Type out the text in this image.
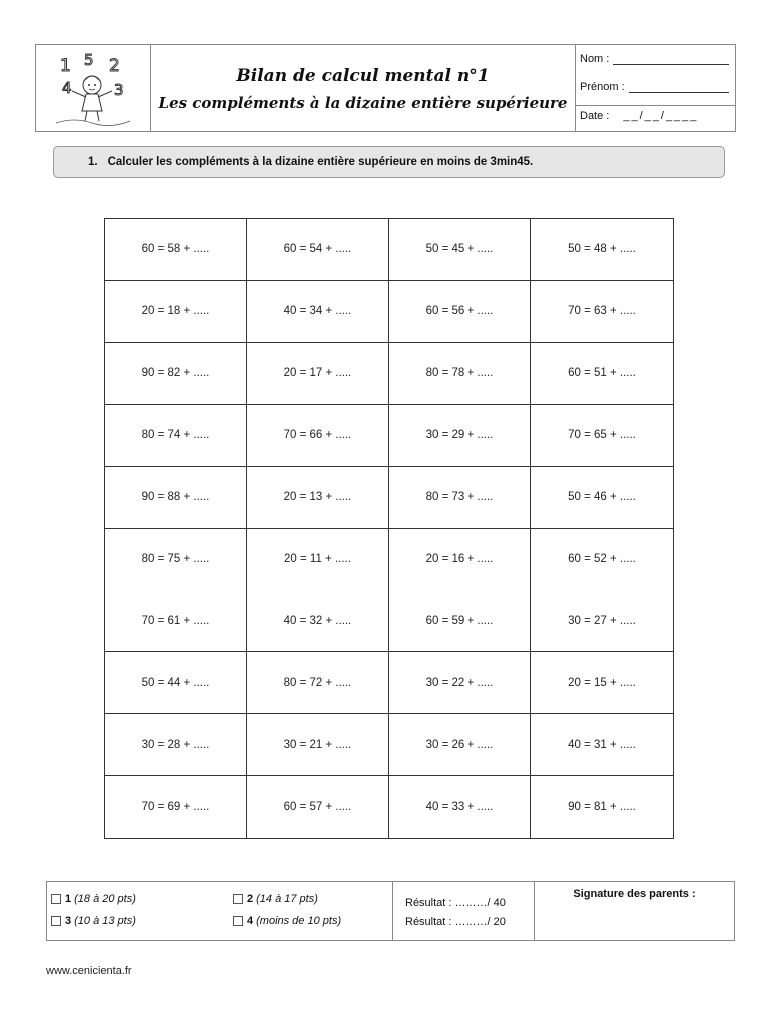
1 5 2
4	3
Bilan de calcul mental n°1
Les compléments à la dizaine entière supérieure
Nom :
Prénom :
Date : __/__/____
1. Calculer les compléments à la dizaine entière supérieure en moins de 3min45.
60 = 58 + .....	60 = 54 + .....	50 = 45 + .....	50 = 48 + .....
20 = 18 + .....	40 = 34 + .....	60 = 56 + .....	70 = 63 + .....
90 = 82 + .....	20 = 17 + .....	80 = 78 + .....	60 = 51 + .....
80 = 74 + .....	70 = 66 + .....	30 = 29 + .....	70 = 65 + .....
90 = 88 + .....	20 = 13 + .....	80 = 73 + .....	50 = 46 + .....
80 = 75 + .....	20 = 11 + .....	20 = 16 + .....	60 = 52 + .....
70 = 61 + .....	40 = 32 + .....	60 = 59 + .....	30 = 27 + .....
50 = 44 + .....	80 = 72 + .....	30 = 22 + .....	20 = 15 + .....
30 = 28 + .....	30 = 21 + .....	30 = 26 + .....	40 = 31 + .....
70 = 69 + .....	60 = 57 + .....	40 = 33 + .....	90 = 81 + .....
1 (18 à 20 pts)	2 (14 à 17 pts)
3 (10 à 13 pts)	4 (moins de 10 pts)
Résultat : ………/ 40
Résultat : ………/ 20
Signature des parents :
www.cenicienta.fr
